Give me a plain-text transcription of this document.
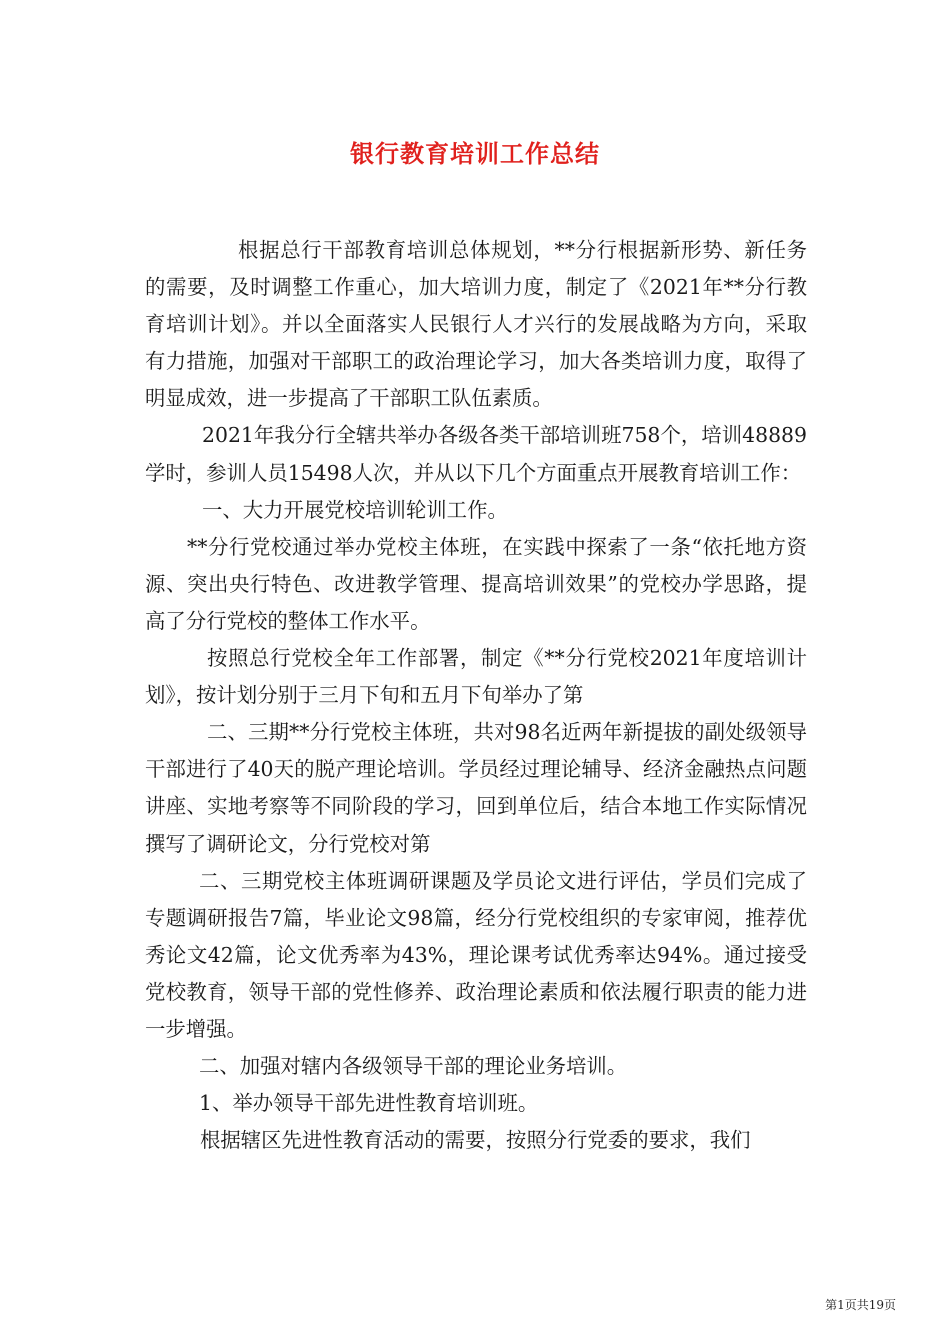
银行教育培训工作总结

根据总行干部教育培训总体规划，**分行根据新形势、新任务的需要，及时调整工作重心，加大培训力度，制定了《2021年**分行教育培训计划》。并以全面落实人民银行人才兴行的发展战略为方向，采取有力措施，加强对干部职工的政治理论学习，加大各类培训力度，取得了明显成效，进一步提高了干部职工队伍素质。

2021年我分行全辖共举办各级各类干部培训班758个，培训48889学时，参训人员15498人次，并从以下几个方面重点开展教育培训工作：

一、大力开展党校培训轮训工作。

**分行党校通过举办党校主体班，在实践中探索了一条“依托地方资源、突出央行特色、改进教学管理、提高培训效果”的党校办学思路，提高了分行党校的整体工作水平。

按照总行党校全年工作部署，制定《**分行党校2021年度培训计划》，按计划分别于三月下旬和五月下旬举办了第

二、三期**分行党校主体班，共对98名近两年新提拔的副处级领导干部进行了40天的脱产理论培训。学员经过理论辅导、经济金融热点问题讲座、实地考察等不同阶段的学习，回到单位后，结合本地工作实际情况撰写了调研论文，分行党校对第

二、三期党校主体班调研课题及学员论文进行评估，学员们完成了专题调研报告7篇，毕业论文98篇，经分行党校组织的专家审阅，推荐优秀论文42篇，论文优秀率为43%，理论课考试优秀率达94%。通过接受党校教育，领导干部的党性修养、政治理论素质和依法履行职责的能力进一步增强。

二、加强对辖内各级领导干部的理论业务培训。

1、举办领导干部先进性教育培训班。

根据辖区先进性教育活动的需要，按照分行党委的要求，我们

第1页共19页
